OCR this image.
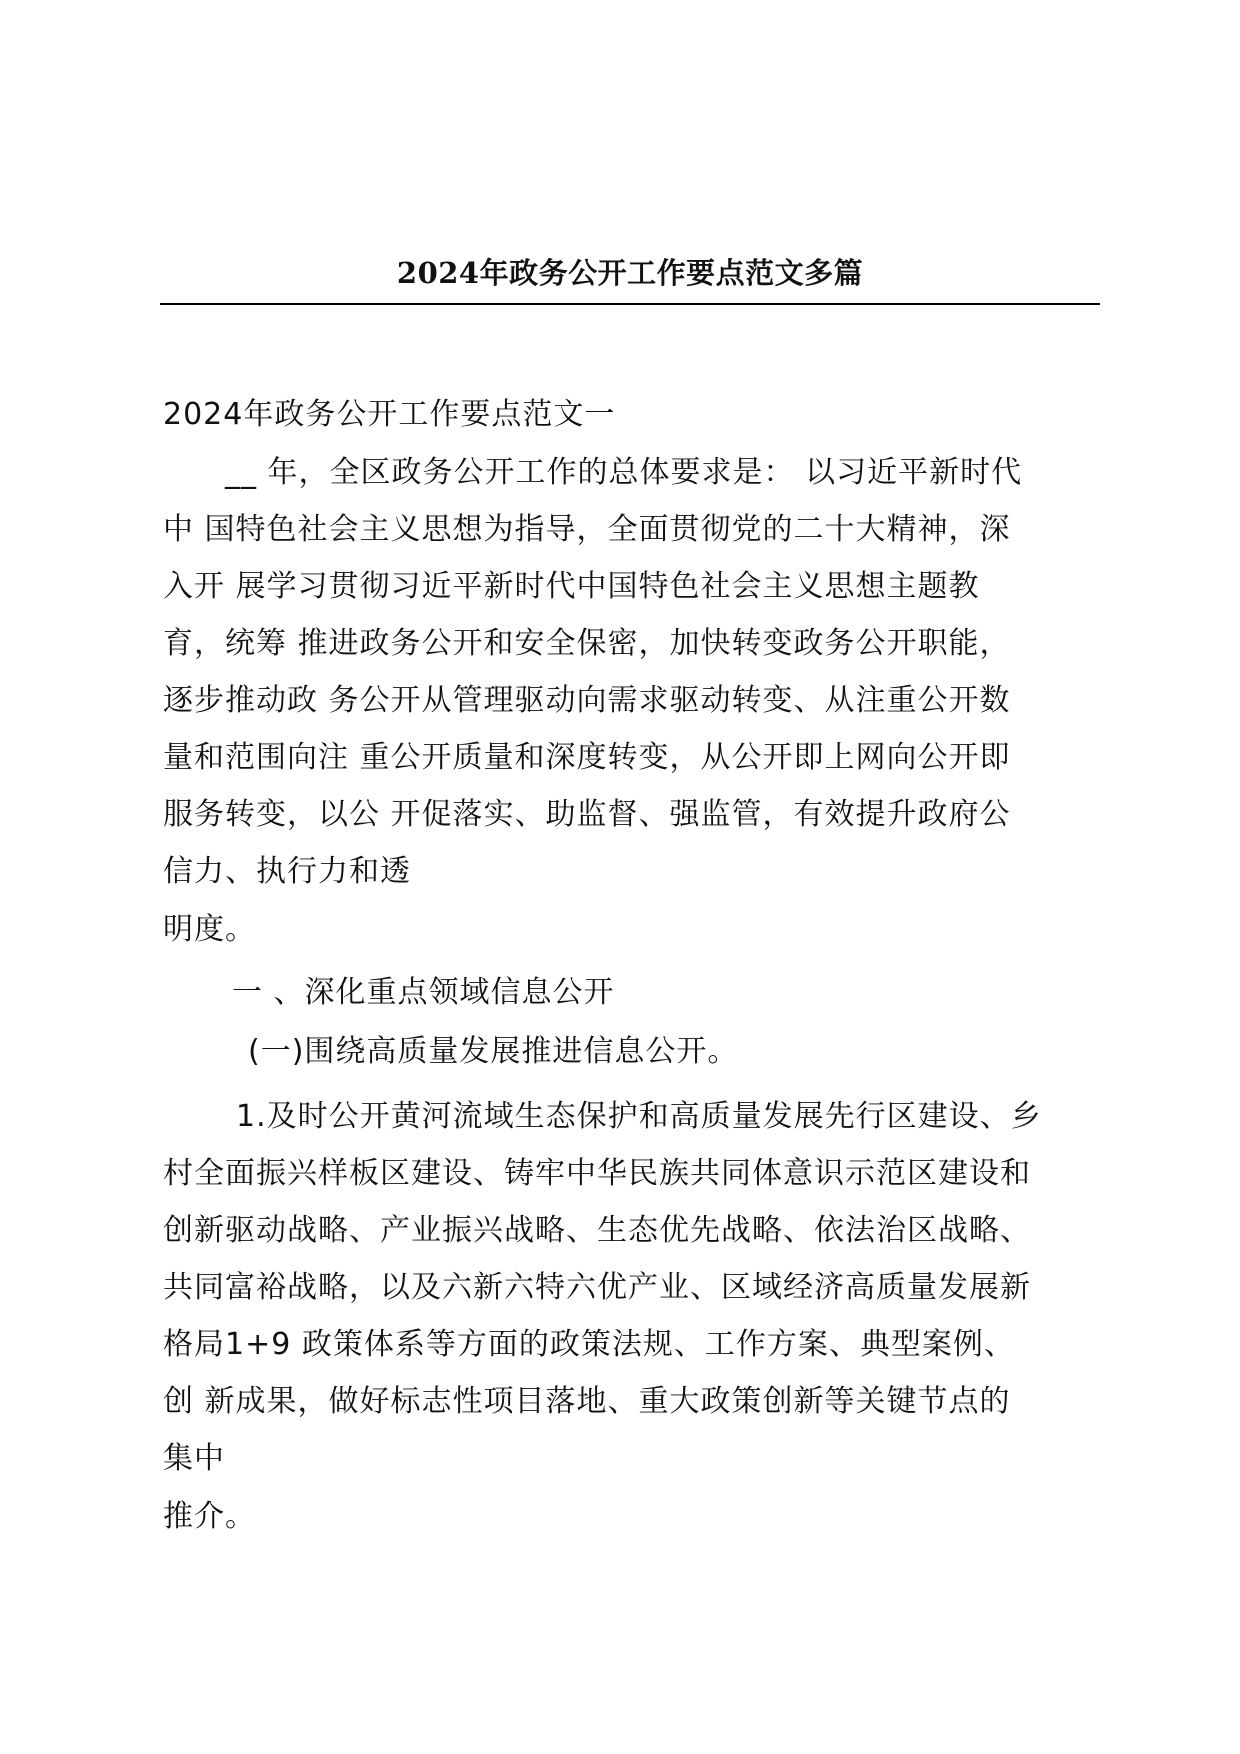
2024年政务公开工作要点范文多篇
2024年政务公开工作要点范文一
__ 年，全区政务公开工作的总体要求是： 以习近平新时代
中 国特色社会主义思想为指导，全面贯彻党的二十大精神，深
入开 展学习贯彻习近平新时代中国特色社会主义思想主题教
育，统筹 推进政务公开和安全保密，加快转变政务公开职能，
逐步推动政 务公开从管理驱动向需求驱动转变、从注重公开数
量和范围向注 重公开质量和深度转变，从公开即上网向公开即
服务转变，以公 开促落实、助监督、强监管，有效提升政府公
信力、执行力和透
明度。
一 、深化重点领域信息公开
(一)围绕高质量发展推进信息公开。
1.及时公开黄河流域生态保护和高质量发展先行区建设、乡
村全面振兴样板区建设、铸牢中华民族共同体意识示范区建设和
创新驱动战略、产业振兴战略、生态优先战略、依法治区战略、
共同富裕战略，以及六新六特六优产业、区域经济高质量发展新
格局1+9 政策体系等方面的政策法规、工作方案、典型案例、
创 新成果，做好标志性项目落地、重大政策创新等关键节点的
集中
推介。
